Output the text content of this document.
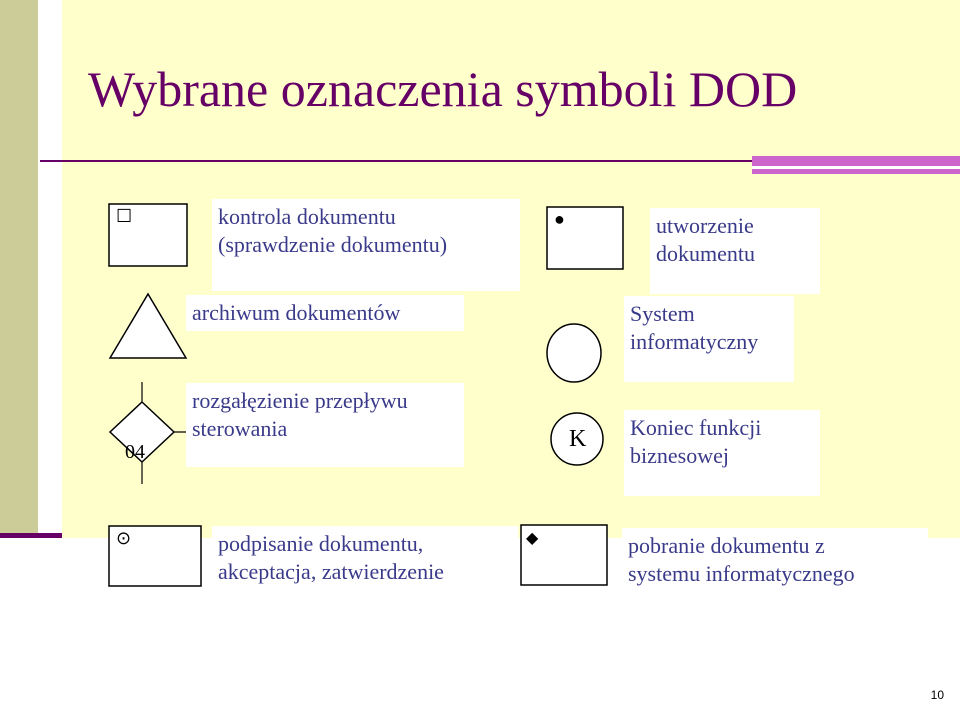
Wybrane oznaczenia symboli DOD
☐	kontrola dokumentu
(sprawdzenie dokumentu)
archiwum dokumentów
04
rozgałęzienie przepływu
sterowania
⊙	podpisanie dokumentu,
akceptacja, zatwierdzenie
●	utworzenie
dokumentu
System
informatyczny
K Koniec funkcji
biznesowej
◆	pobranie dokumentu z
systemu informatycznego
10
